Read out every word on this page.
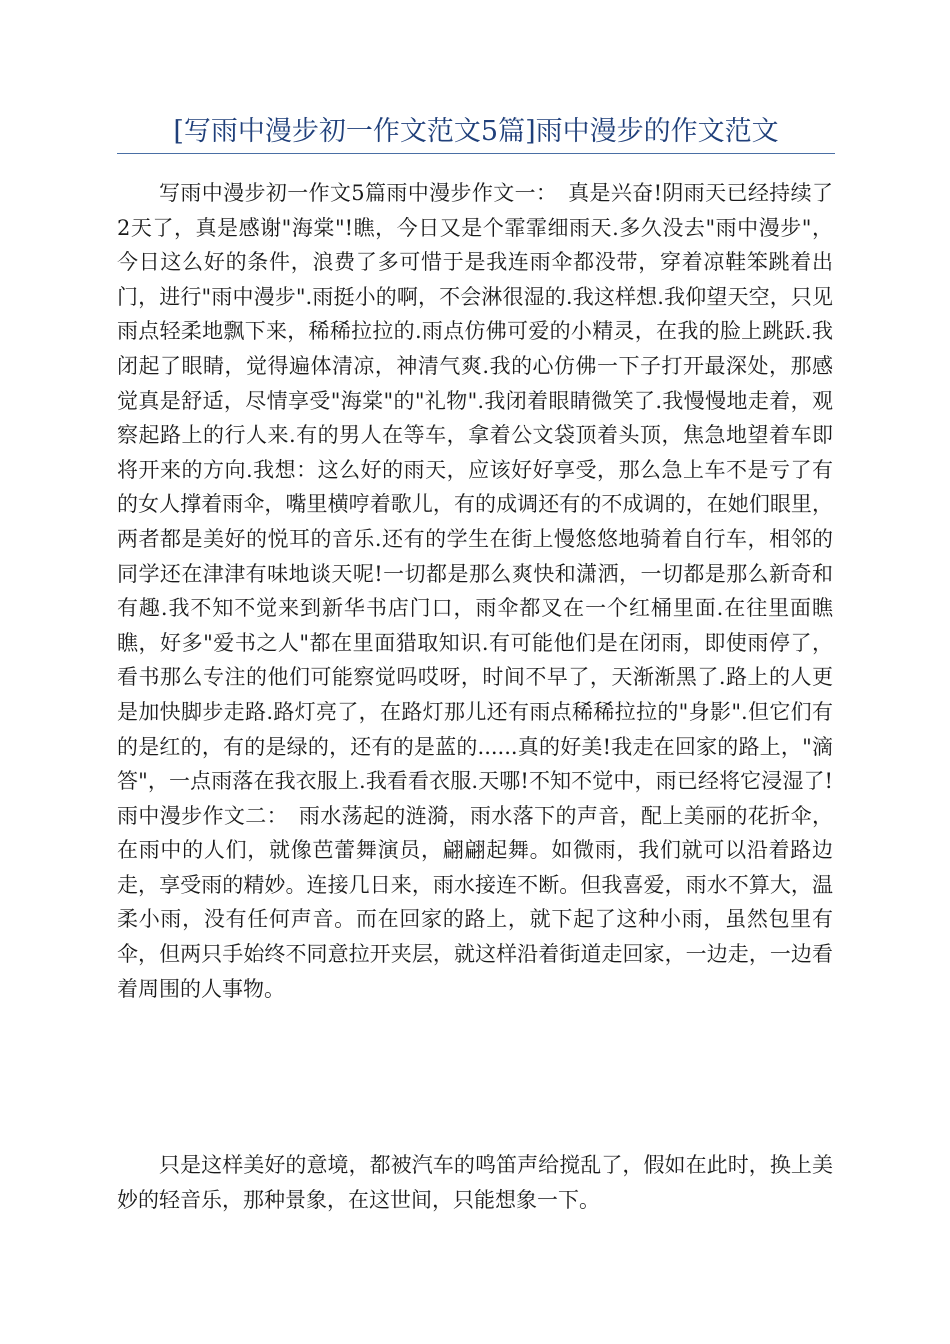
[写雨中漫步初一作文范文5篇]雨中漫步的作文范文

写雨中漫步初一作文5篇雨中漫步作文一：　真是兴奋!阴雨天已经持续了2天了，真是感谢"海棠"!瞧，今日又是个霏霏细雨天.多久没去"雨中漫步"，今日这么好的条件，浪费了多可惜于是我连雨伞都没带，穿着凉鞋笨跳着出门，进行"雨中漫步".雨挺小的啊，不会淋很湿的.我这样想.我仰望天空，只见雨点轻柔地飘下来，稀稀拉拉的.雨点仿佛可爱的小精灵，在我的脸上跳跃.我闭起了眼睛，觉得遍体清凉，神清气爽.我的心仿佛一下子打开最深处，那感觉真是舒适，尽情享受"海棠"的"礼物".我闭着眼睛微笑了.我慢慢地走着，观察起路上的行人来.有的男人在等车，拿着公文袋顶着头顶，焦急地望着车即将开来的方向.我想：这么好的雨天，应该好好享受，那么急上车不是亏了有的女人撑着雨伞，嘴里横哼着歌儿，有的成调还有的不成调的，在她们眼里，两者都是美好的悦耳的音乐.还有的学生在街上慢悠悠地骑着自行车，相邻的同学还在津津有味地谈天呢!一切都是那么爽快和潇洒，一切都是那么新奇和有趣.我不知不觉来到新华书店门口，雨伞都叉在一个红桶里面.在往里面瞧瞧，好多"爱书之人"都在里面猎取知识.有可能他们是在闭雨，即使雨停了，看书那么专注的他们可能察觉吗哎呀，时间不早了，天渐渐黑了.路上的人更是加快脚步走路.路灯亮了，在路灯那儿还有雨点稀稀拉拉的"身影".但它们有的是红的，有的是绿的，还有的是蓝的......真的好美!我走在回家的路上，"滴答"，一点雨落在我衣服上.我看看衣服.天哪!不知不觉中，雨已经将它浸湿了!雨中漫步作文二：　雨水荡起的涟漪，雨水落下的声音，配上美丽的花折伞，在雨中的人们，就像芭蕾舞演员，翩翩起舞。如微雨，我们就可以沿着路边走，享受雨的精妙。连接几日来，雨水接连不断。但我喜爱，雨水不算大，温柔小雨，没有任何声音。而在回家的路上，就下起了这种小雨，虽然包里有伞，但两只手始终不同意拉开夹层，就这样沿着街道走回家，一边走，一边看着周围的人事物。

只是这样美好的意境，都被汽车的鸣笛声给搅乱了，假如在此时，换上美妙的轻音乐，那种景象，在这世间，只能想象一下。
